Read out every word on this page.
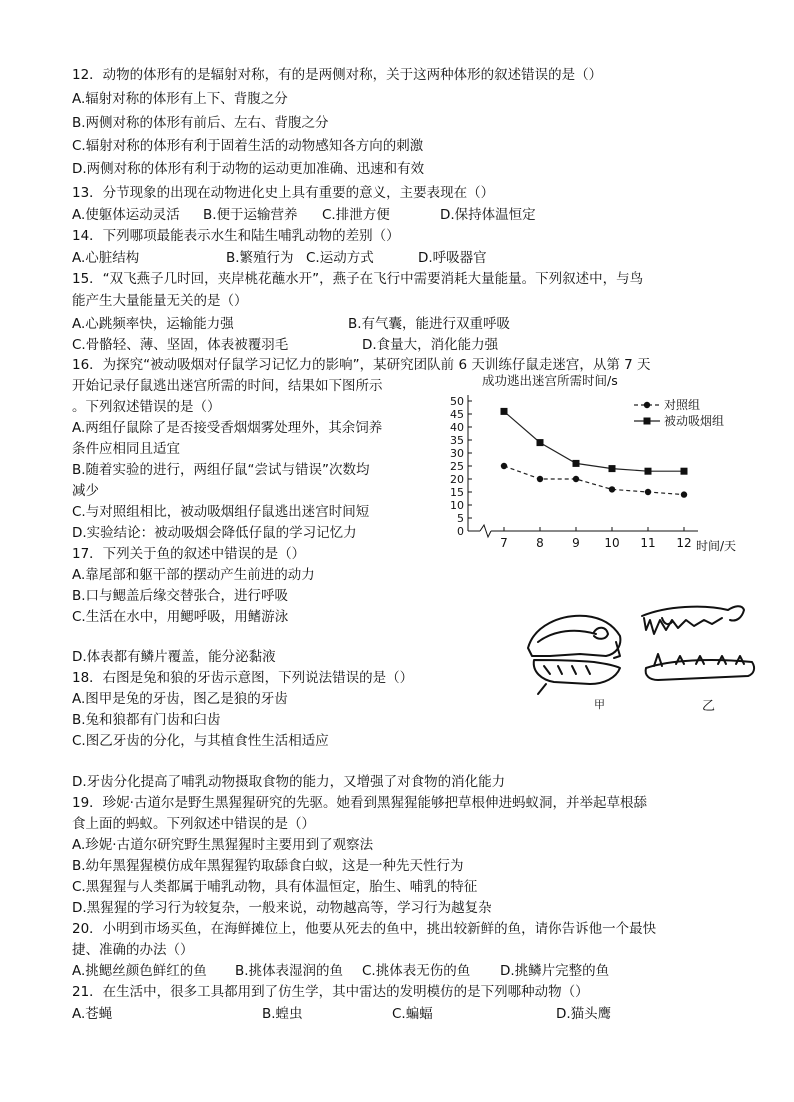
12．动物的体形有的是辐射对称，有的是两侧对称，关于这两种体形的叙述错误的是（）
A.辐射对称的体形有上下、背腹之分
B.两侧对称的体形有前后、左右、背腹之分
C.辐射对称的体形有利于固着生活的动物感知各方向的刺激
D.两侧对称的体形有利于动物的运动更加准确、迅速和有效
13．分节现象的出现在动物进化史上具有重要的意义，主要表现在（）
A.使躯体运动灵活 B.便于运输营养 C.排泄方便	D.保持体温恒定
14．下列哪项最能表示水生和陆生哺乳动物的差别（）
A.心脏结构	B.繁殖行为 C.运动方式	D.呼吸器官
15．“双飞燕子几时回，夹岸桃花蘸水开”，燕子在飞行中需要消耗大量能量。下列叙述中，与鸟
能产生大量能量无关的是（）
A.心跳频率快，运输能力强	B.有气囊，能进行双重呼吸
C.骨骼轻、薄、坚固，体表被覆羽毛	D.食量大，消化能力强
16．为探究“被动吸烟对仔鼠学习记忆力的影响”，某研究团队前 6 天训练仔鼠走迷宫，从第 7 天
开始记录仔鼠逃出迷宫所需的时间，结果如下图所示
。下列叙述错误的是（）
A.两组仔鼠除了是否接受香烟烟雾处理外，其余饲养
条件应相同且适宜
B.随着实验的进行，两组仔鼠“尝试与错误”次数均
减少
C.与对照组相比，被动吸烟组仔鼠逃出迷宫时间短
D.实验结论：被动吸烟会降低仔鼠的学习记忆力
成功逃出迷宫所需时间/s
0
5
10
15
20
25
30
35
40
45
50
7 8 9 10 11 12 时间/天
对照组
被动吸烟组
17．下列关于鱼的叙述中错误的是（）
A.靠尾部和躯干部的摆动产生前进的动力
B.口与鳃盖后缘交替张合，进行呼吸
C.生活在水中，用鳃呼吸，用鳍游泳
D.体表都有鳞片覆盖，能分泌黏液
18．右图是兔和狼的牙齿示意图，下列说法错误的是（）
A.图甲是兔的牙齿，图乙是狼的牙齿
B.兔和狼都有门齿和臼齿
C.图乙牙齿的分化，与其植食性生活相适应
D.牙齿分化提高了哺乳动物摄取食物的能力，又增强了对食物的消化能力
甲	乙
19．珍妮·古道尔是野生黑猩猩研究的先驱。她看到黑猩猩能够把草根伸进蚂蚁洞，并举起草根舔
食上面的蚂蚁。下列叙述中错误的是（）
A.珍妮·古道尔研究野生黑猩猩时主要用到了观察法
B.幼年黑猩猩模仿成年黑猩猩钓取舔食白蚁，这是一种先天性行为
C.黑猩猩与人类都属于哺乳动物，具有体温恒定，胎生、哺乳的特征
D.黑猩猩的学习行为较复杂，一般来说，动物越高等，学习行为越复杂
20．小明到市场买鱼，在海鲜摊位上，他要从死去的鱼中，挑出较新鲜的鱼，请你告诉他一个最快
捷、准确的办法（）
A.挑鳃丝颜色鲜红的鱼 B.挑体表湿润的鱼 C.挑体表无伤的鱼 D.挑鳞片完整的鱼
21．在生活中，很多工具都用到了仿生学，其中雷达的发明模仿的是下列哪种动物（）
A.苍蝇	B.蝗虫	C.蝙蝠	D.猫头鹰
